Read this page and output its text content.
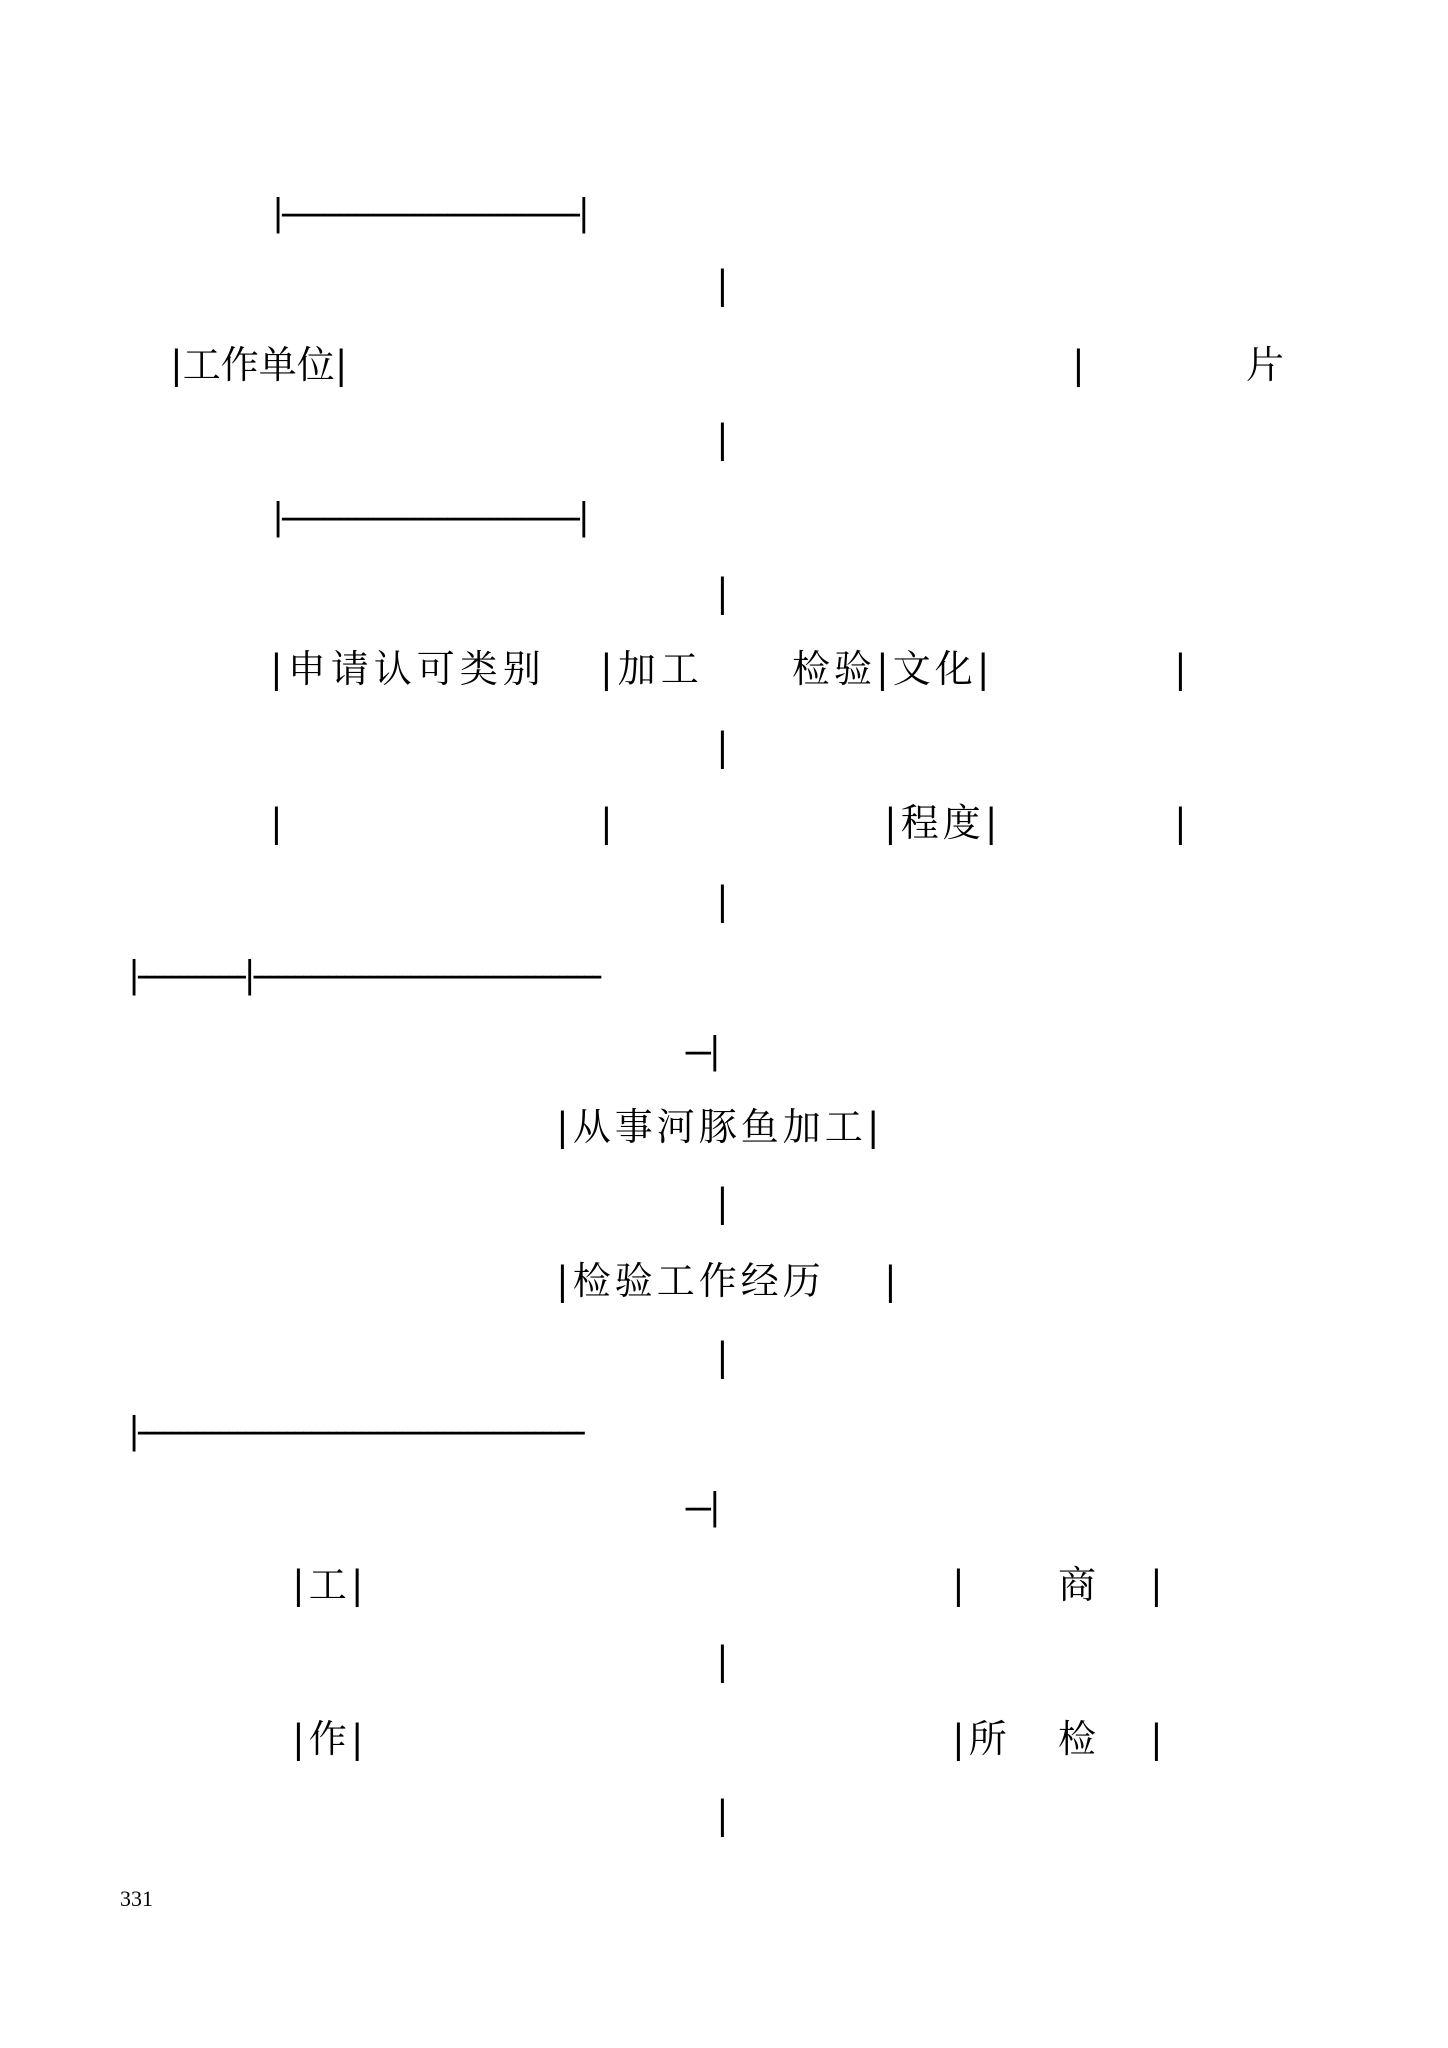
|------------------------------------|
|
|工作单位|	|	片
|
|------------------------------------|
|
|申请认可类别 |加工 检验|文化|	|
|
|	|	|程度|	|
|
|-------------|------------------------------------------
---|
|从事河豚鱼加工|
|
|检验工作经历 |
|
|------------------------------------------------------
---|
|工|	| 商 |
|
|作|	|所 检 |
|
331
